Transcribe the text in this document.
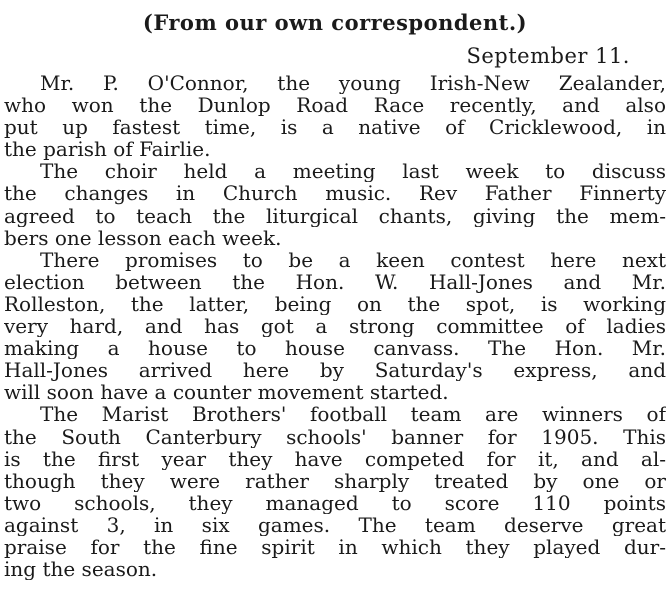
(From our own correspondent.)
September 11.
Mr. P. O'Connor, the young Irish-New Zealander,
who won the Dunlop Road Race recently, and also
put up fastest time, is a native of Cricklewood, in
the parish of Fairlie.
The choir held a meeting last week to discuss
the changes in Church music. Rev Father Finnerty
agreed to teach the liturgical chants, giving the mem-
bers one lesson each week.
There promises to be a keen contest here next
election between the Hon. W. Hall-Jones and Mr.
Rolleston, the latter, being on the spot, is working
very hard, and has got a strong committee of ladies
making a house to house canvass. The Hon. Mr.
Hall-Jones arrived here by Saturday's express, and
will soon have a counter movement started.
The Marist Brothers' football team are winners of
the South Canterbury schools' banner for 1905. This
is the first year they have competed for it, and al-
though they were rather sharply treated by one or
two schools, they managed to score 110 points
against 3, in six games. The team deserve great
praise for the fine spirit in which they played dur-
ing the season.
